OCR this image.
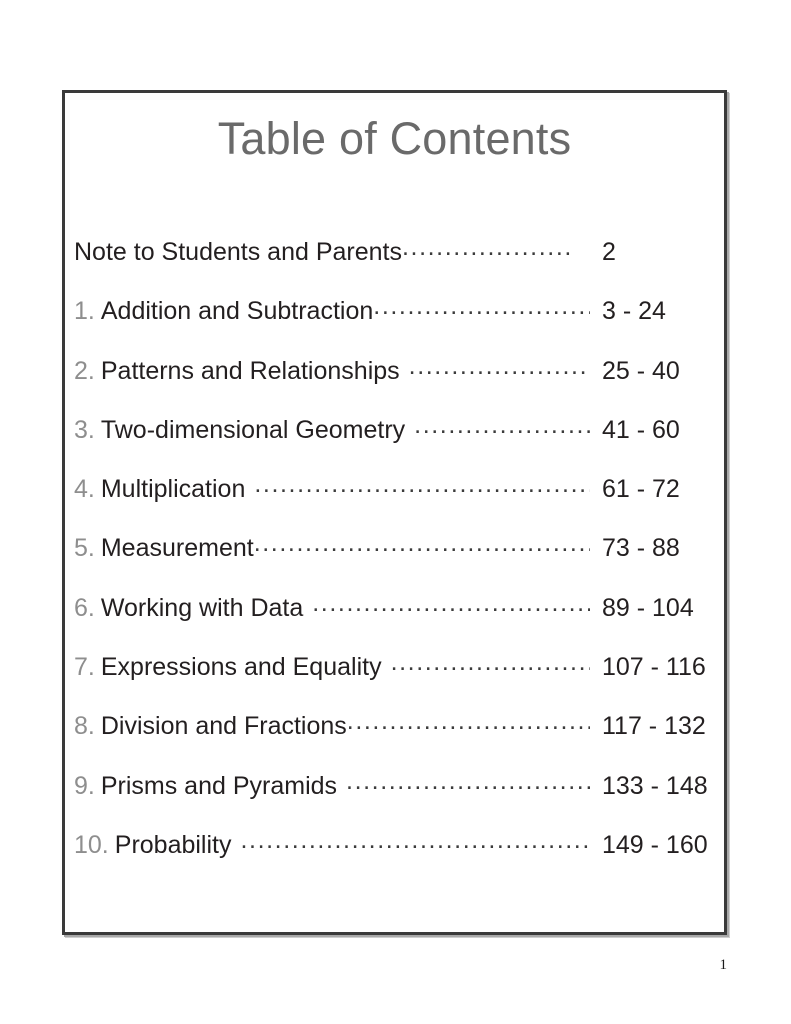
Table of Contents
Note to Students and Parents .....	2
1. Addition and Subtraction .....	3 - 24
2. Patterns and Relationships .....	25 - 40
3. Two-dimensional Geometry .....	41 - 60
4. Multiplication .....	61 - 72
5. Measurement .....	73 - 88
6. Working with Data .....	89 - 104
7. Expressions and Equality .....	107 - 116
8. Division and Fractions .....	117 - 132
9. Prisms and Pyramids .....	133 - 148
10. Probability .....	149 - 160
1
